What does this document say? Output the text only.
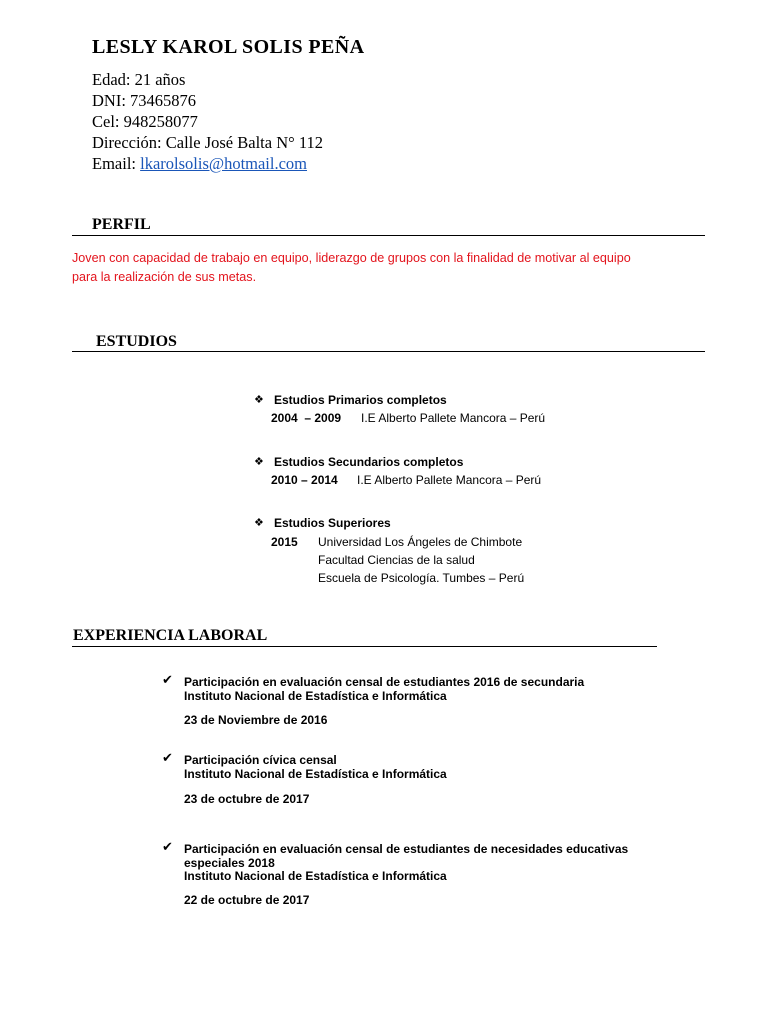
LESLY KAROL SOLIS PEÑA
Edad: 21 años
DNI: 73465876
Cel: 948258077
Dirección: Calle José Balta N° 112
Email: lkarolsolis@hotmail.com
PERFIL
Joven con capacidad de trabajo en equipo, liderazgo de grupos con la finalidad de motivar al equipo
para la realización de sus metas.
ESTUDIOS
❖ Estudios Primarios completos
2004  – 2009 I.E Alberto Pallete Mancora – Perú
❖ Estudios Secundarios completos
2010 – 2014 I.E Alberto Pallete Mancora – Perú
❖ Estudios Superiores
2015 Universidad Los Ángeles de Chimbote
Facultad Ciencias de la salud
Escuela de Psicología. Tumbes – Perú
EXPERIENCIA LABORAL
✔ Participación en evaluación censal de estudiantes 2016 de secundaria
Instituto Nacional de Estadística e Informática
23 de Noviembre de 2016
✔ Participación cívica censal
Instituto Nacional de Estadística e Informática
23 de octubre de 2017
✔ Participación en evaluación censal de estudiantes de necesidades educativas
especiales 2018
Instituto Nacional de Estadística e Informática
22 de octubre de 2017
